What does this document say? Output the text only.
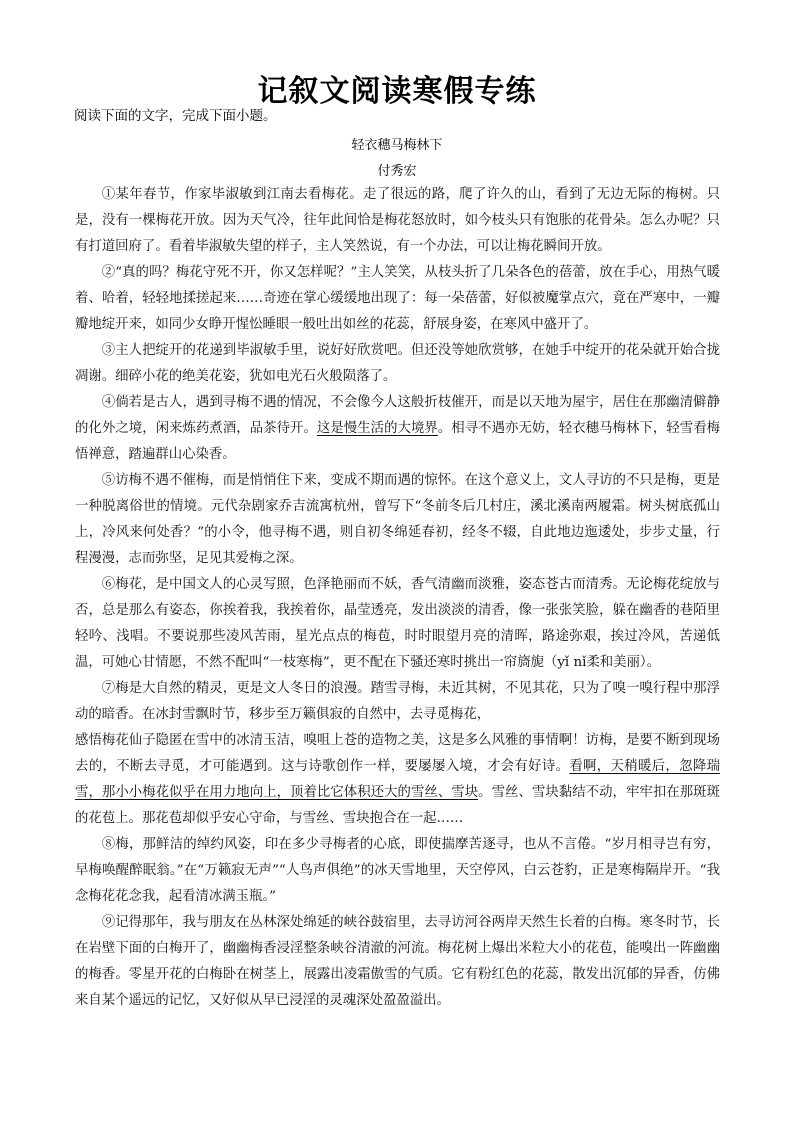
记叙文阅读寒假专练
阅读下面的文字，完成下面小题。
轻衣穗马梅林下
付秀宏

①某年春节，作家毕淑敏到江南去看梅花。走了很远的路，爬了许久的山，看到了无边无际的梅树。只是，没有一棵梅花开放。因为天气冷，往年此间恰是梅花怒放时，如今枝头只有饱胀的花骨朵。怎么办呢？只有打道回府了。看着毕淑敏失望的样子，主人笑然说，有一个办法，可以让梅花瞬间开放。

②“真的吗？梅花守死不开，你又怎样呢？”主人笑笑，从枝头折了几朵各色的蓓蕾，放在手心，用热气暖着、哈着，轻轻地揉搓起来……奇迹在掌心缓缓地出现了：每一朵蓓蕾，好似被魔掌点穴，竟在严寒中，一瓣瓣地绽开来，如同少女睁开惺忪睡眼一般吐出如丝的花蕊，舒展身姿，在寒风中盛开了。

③主人把绽开的花递到毕淑敏手里，说好好欣赏吧。但还没等她欣赏够，在她手中绽开的花朵就开始合拢凋谢。细碎小花的绝美花姿，犹如电光石火般陨落了。

④倘若是古人，遇到寻梅不遇的情况，不会像今人这般折枝催开，而是以天地为屋宇，居住在那幽清僻静的化外之境，闲来炼药煮酒，品茶待开。这是慢生活的大境界。相寻不遇亦无妨，轻衣穗马梅林下，轻雪看梅悟禅意，踏遍群山心染香。

⑤访梅不遇不催梅，而是悄悄住下来，变成不期而遇的惊怀。在这个意义上，文人寻访的不只是梅，更是一种脱离俗世的情境。元代杂剧家乔吉流寓杭州，曾写下“冬前冬后几村庄，溪北溪南两履霜。树头树底孤山上，冷风来何处香？”的小令，他寻梅不遇，则自初冬绵延春初，经冬不辍，自此地边迤逶处，步步丈量，行程漫漫，志而弥坚，足见其爱梅之深。

⑥梅花，是中国文人的心灵写照，色泽艳丽而不妖，香气清幽而淡雅，姿态苍古而清秀。无论梅花绽放与否，总是那么有姿态，你挨着我，我挨着你，晶莹透亮，发出淡淡的清香，像一张张笑脸，躲在幽香的巷陌里轻吟、浅唱。不要说那些凌风苦雨，星光点点的梅苞，时时眼望月亮的清晖，路途弥艰，挨过冷风，苦递低温，可她心甘情愿，不然不配叫“一枝寒梅”，更不配在下骚还寒时挑出一帘旖旎（yǐ nǐ柔和美丽）。

⑦梅是大自然的精灵，更是文人冬日的浪漫。踏雪寻梅，未近其树，不见其花，只为了嗅一嗅行程中那浮动的暗香。在冰封雪飘时节，移步至万籁俱寂的自然中，去寻觅梅花，

感悟梅花仙子隐匿在雪中的冰清玉洁，嗅咀上苍的造物之美，这是多么风雅的事情啊！访梅，是要不断到现场去的，不断去寻觅，才可能遇到。这与诗歌创作一样，要屡屡入境，才会有好诗。看啊，天稍暖后，忽降瑞雪，那小小梅花似乎在用力地向上，顶着比它体积还大的雪丝、雪块。雪丝、雪块黏结不动，牢牢扣在那斑斑的花苞上。那花苞却似乎安心守命，与雪丝、雪块抱合在一起……

⑧梅，那鲜洁的绰约风姿，印在多少寻梅者的心底，即使揣摩苦逐寻，也从不言倦。“岁月相寻岂有穷，早梅唤醒醉眠翁。”在“万籁寂无声”“人鸟声俱绝”的冰天雪地里，天空停风，白云苍豹，正是寒梅隔岸开。“我念梅花花念我，起看清冰满玉瓶。”

⑨记得那年，我与朋友在丛林深处绵延的峡谷鼓宿里，去寻访河谷两岸天然生长着的白梅。寒冬时节，长在岩壁下面的白梅开了，幽幽梅香浸淫整条峡谷清澈的河流。梅花树上爆出米粒大小的花苞，能嗅出一阵幽幽的梅香。零星开花的白梅卧在树茎上，展露出凌霜傲雪的气质。它有粉红色的花蕊，散发出沉郁的异香，仿佛来自某个遥远的记忆，又好似从早已浸淫的灵魂深处盈盈溢出。
